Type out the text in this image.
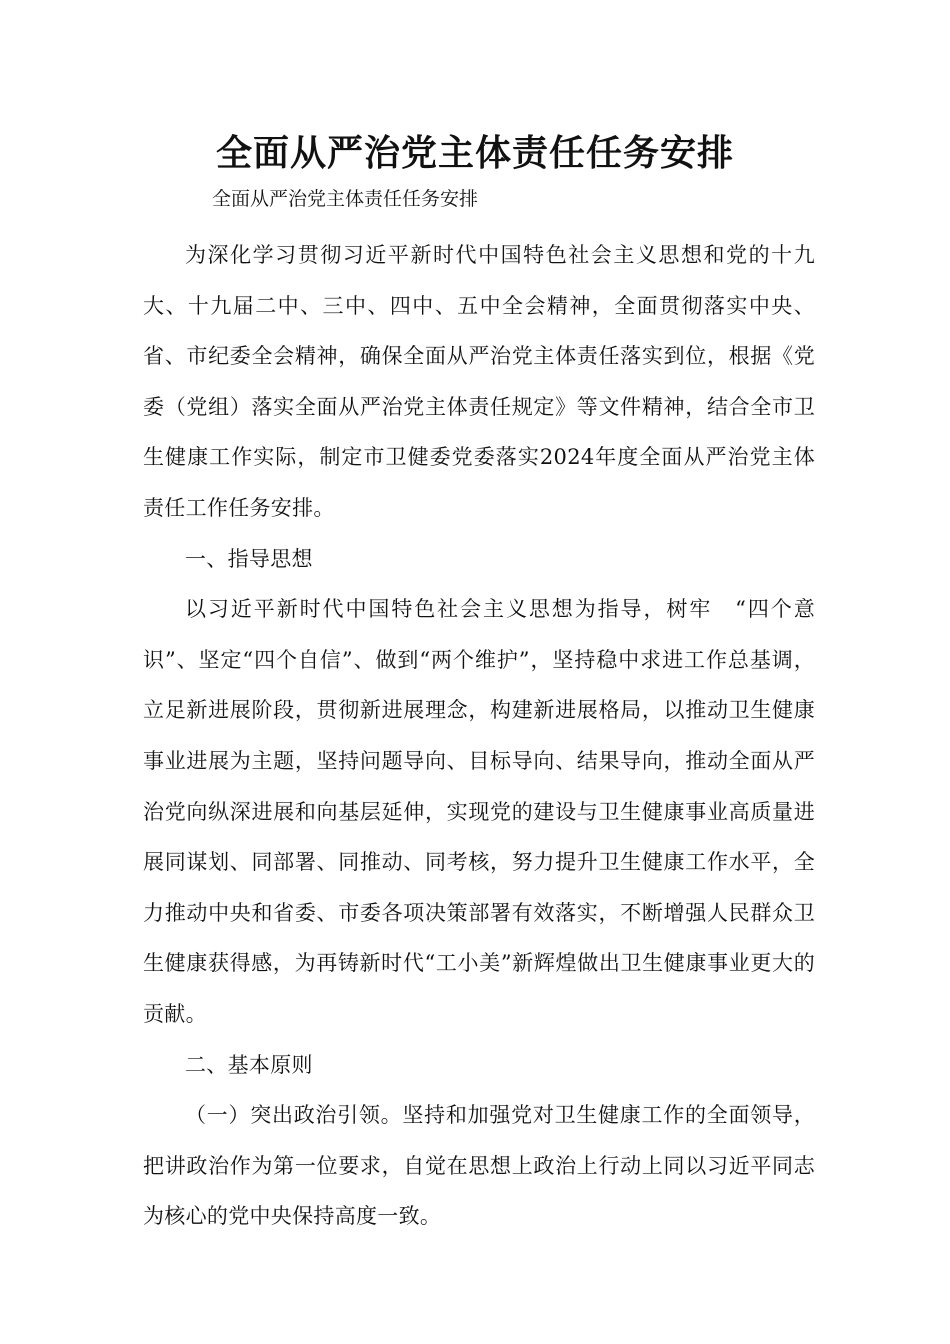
全面从严治党主体责任任务安排

全面从严治党主体责任任务安排

为深化学习贯彻习近平新时代中国特色社会主义思想和党的十九大、十九届二中、三中、四中、五中全会精神，全面贯彻落实中央、省、市纪委全会精神，确保全面从严治党主体责任落实到位，根据《党委（党组）落实全面从严治党主体责任规定》等文件精神，结合全市卫生健康工作实际，制定市卫健委党委落实2024年度全面从严治党主体责任工作任务安排。

一、指导思想

以习近平新时代中国特色社会主义思想为指导，树牢　“四个意识”、坚定“四个自信”、做到“两个维护”，坚持稳中求进工作总基调，立足新进展阶段，贯彻新进展理念，构建新进展格局，以推动卫生健康事业进展为主题，坚持问题导向、目标导向、结果导向，推动全面从严治党向纵深进展和向基层延伸，实现党的建设与卫生健康事业高质量进展同谋划、同部署、同推动、同考核，努力提升卫生健康工作水平，全力推动中央和省委、市委各项决策部署有效落实，不断增强人民群众卫生健康获得感，为再铸新时代“工小美”新辉煌做出卫生健康事业更大的贡献。

二、基本原则

（一）突出政治引领。坚持和加强党对卫生健康工作的全面领导，把讲政治作为第一位要求，自觉在思想上政治上行动上同以习近平同志为核心的党中央保持高度一致。
